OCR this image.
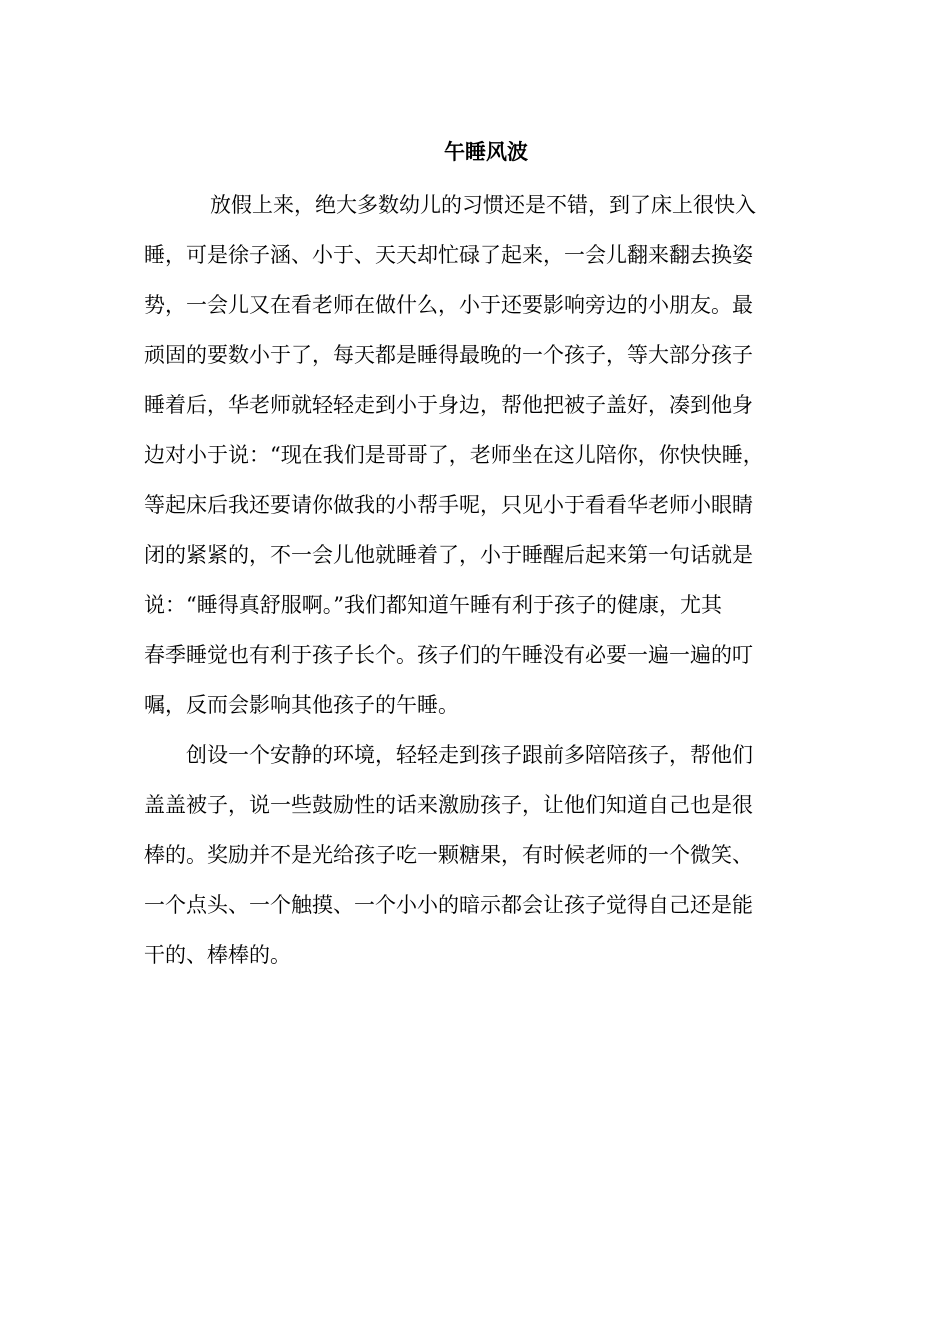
午睡风波
放假上来，绝大多数幼儿的习惯还是不错，到了床上很快入
睡，可是徐子涵、小于、天天却忙碌了起来，一会儿翻来翻去换姿
势，一会儿又在看老师在做什么，小于还要影响旁边的小朋友。最
顽固的要数小于了，每天都是睡得最晚的一个孩子，等大部分孩子
睡着后，华老师就轻轻走到小于身边，帮他把被子盖好，凑到他身
边对小于说：“现在我们是哥哥了，老师坐在这儿陪你，你快快睡，
等起床后我还要请你做我的小帮手呢，只见小于看看华老师小眼睛
闭的紧紧的，不一会儿他就睡着了，小于睡醒后起来第一句话就是
说：“睡得真舒服啊。”我们都知道午睡有利于孩子的健康，尤其
春季睡觉也有利于孩子长个。孩子们的午睡没有必要一遍一遍的叮
嘱，反而会影响其他孩子的午睡。
创设一个安静的环境，轻轻走到孩子跟前多陪陪孩子，帮他们
盖盖被子，说一些鼓励性的话来激励孩子，让他们知道自己也是很
棒的。奖励并不是光给孩子吃一颗糖果，有时候老师的一个微笑、
一个点头、一个触摸、一个小小的暗示都会让孩子觉得自己还是能
干的、棒棒的。
